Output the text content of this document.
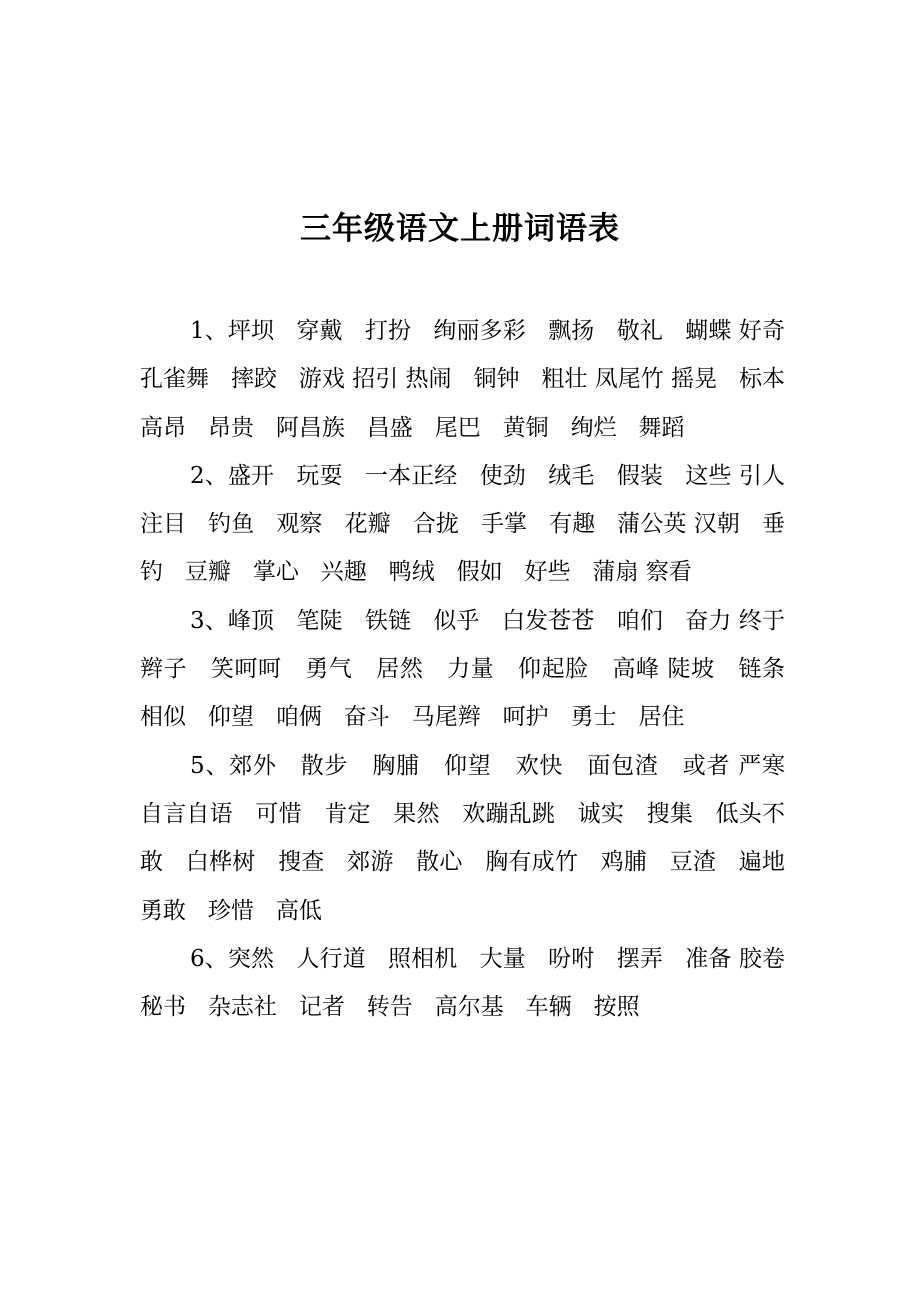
三年级语文上册词语表

1、坪坝   穿戴   打扮   绚丽多彩   飘扬   敬礼   蝴蝶 好奇   孔雀舞   摔跤   游戏 招引 热闹   铜钟   粗壮 凤尾竹 摇晃   标本   高昂   昂贵   阿昌族   昌盛   尾巴   黄铜   绚烂   舞蹈

2、盛开   玩耍   一本正经   使劲   绒毛   假装   这些 引人注目   钓鱼   观察   花瓣   合拢   手掌   有趣   蒲公英 汉朝   垂钓   豆瓣   掌心   兴趣   鸭绒   假如   好些   蒲扇 察看

3、峰顶   笔陡   铁链   似乎   白发苍苍   咱们   奋力 终于   辫子   笑呵呵   勇气   居然   力量   仰起脸   高峰 陡坡   链条   相似   仰望   咱俩   奋斗   马尾辫   呵护   勇士   居住

5、郊外   散步   胸脯   仰望   欢快   面包渣   或者 严寒   自言自语   可惜   肯定   果然   欢蹦乱跳   诚实   搜集   低头不敢   白桦树   搜查   郊游   散心   胸有成竹   鸡脯   豆渣   遍地   勇敢   珍惜   高低

6、突然   人行道   照相机   大量   吩咐   摆弄   准备 胶卷   秘书   杂志社   记者   转告   高尔基   车辆   按照
